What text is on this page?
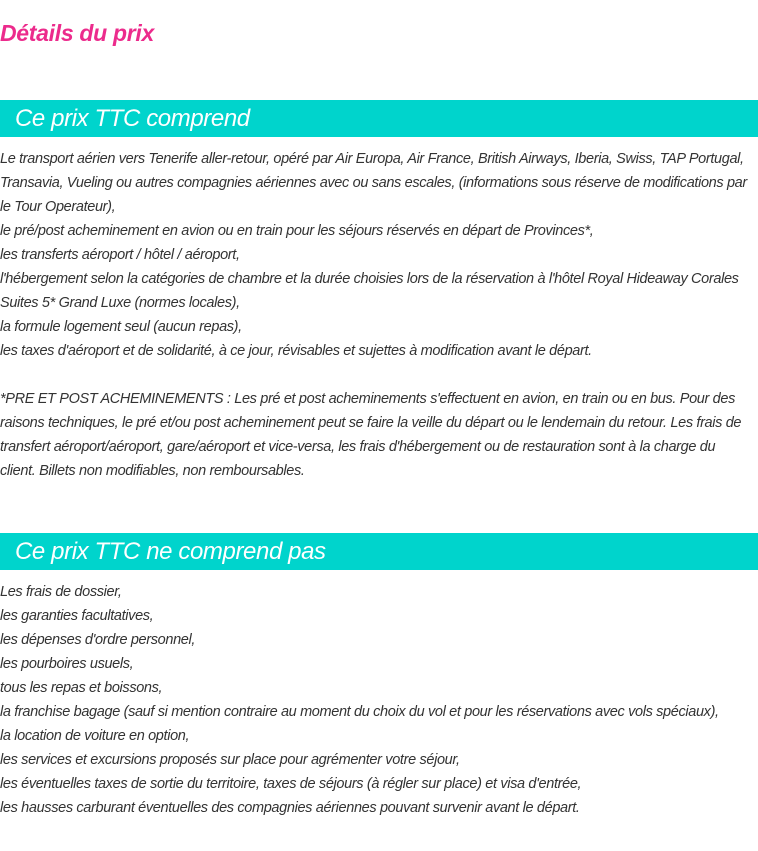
Détails du prix
Ce prix TTC comprend
Le transport aérien vers Tenerife aller-retour, opéré par Air Europa, Air France, British Airways, Iberia, Swiss, TAP Portugal, Transavia, Vueling ou autres compagnies aériennes avec ou sans escales, (informations sous réserve de modifications par le Tour Operateur),
le pré/post acheminement en avion ou en train pour les séjours réservés en départ de Provinces*,
les transferts aéroport / hôtel / aéroport,
l'hébergement selon la catégories de chambre et la durée choisies lors de la réservation à l'hôtel Royal Hideaway Corales Suites 5* Grand Luxe (normes locales),
la formule logement seul (aucun repas),
les taxes d'aéroport et de solidarité, à ce jour, révisables et sujettes à modification avant le départ.
*PRE ET POST ACHEMINEMENTS : Les pré et post acheminements s'effectuent en avion, en train ou en bus. Pour des raisons techniques, le pré et/ou post acheminement peut se faire la veille du départ ou le lendemain du retour. Les frais de transfert aéroport/aéroport, gare/aéroport et vice-versa, les frais d'hébergement ou de restauration sont à la charge du client. Billets non modifiables, non remboursables.
Ce prix TTC ne comprend pas
Les frais de dossier,
les garanties facultatives,
les dépenses d'ordre personnel,
les pourboires usuels,
tous les repas et boissons,
la franchise bagage (sauf si mention contraire au moment du choix du vol et pour les réservations avec vols spéciaux),
la location de voiture en option,
les services et excursions proposés sur place pour agrémenter votre séjour,
les éventuelles taxes de sortie du territoire, taxes de séjours (à régler sur place) et visa d'entrée,
les hausses carburant éventuelles des compagnies aériennes pouvant survenir avant le départ.
